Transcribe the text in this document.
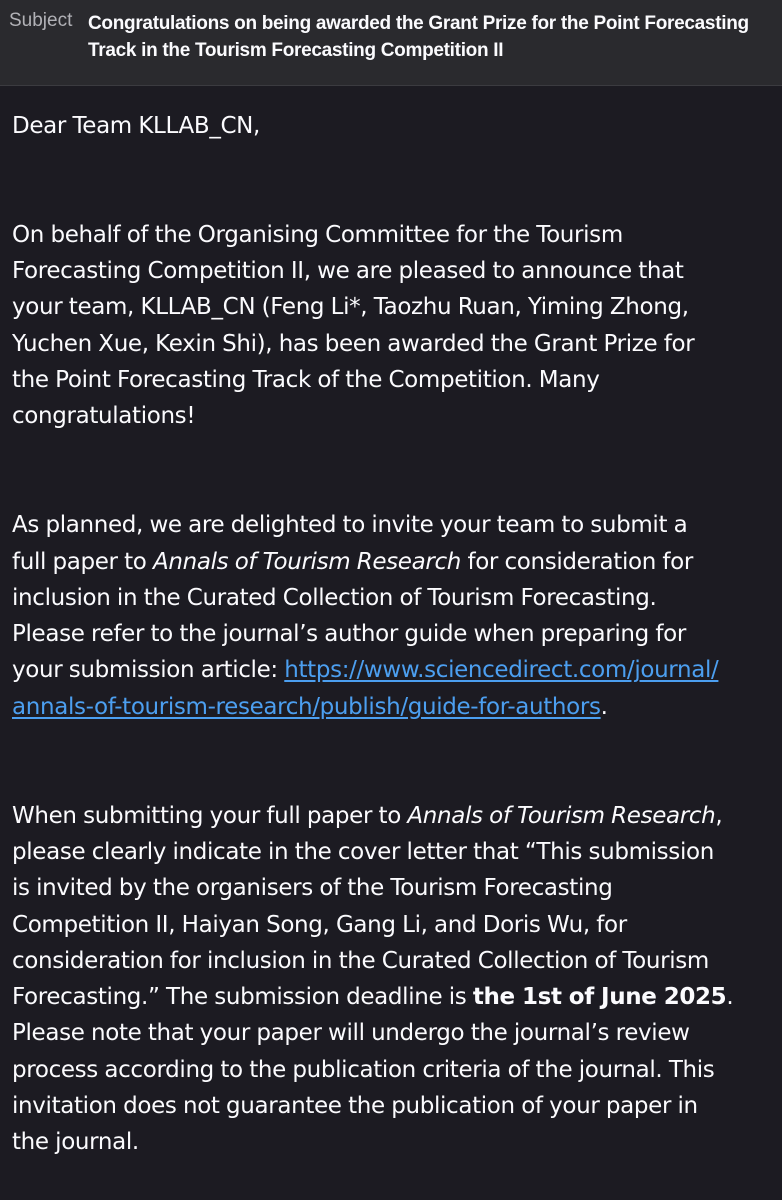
Subject Congratulations on being awarded the Grant Prize for the Point Forecasting Track in the Tourism Forecasting Competition II

Dear Team KLLAB_CN,

On behalf of the Organising Committee for the Tourism
Forecasting Competition II, we are pleased to announce that
your team, KLLAB_CN (Feng Li*, Taozhu Ruan, Yiming Zhong,
Yuchen Xue, Kexin Shi), has been awarded the Grant Prize for
the Point Forecasting Track of the Competition. Many
congratulations!

As planned, we are delighted to invite your team to submit a
full paper to Annals of Tourism Research for consideration for
inclusion in the Curated Collection of Tourism Forecasting.
Please refer to the journal’s author guide when preparing for
your submission article: https://www.sciencedirect.com/journal/
annals-of-tourism-research/publish/guide-for-authors.

When submitting your full paper to Annals of Tourism Research,
please clearly indicate in the cover letter that “This submission
is invited by the organisers of the Tourism Forecasting
Competition II, Haiyan Song, Gang Li, and Doris Wu, for
consideration for inclusion in the Curated Collection of Tourism
Forecasting.” The submission deadline is the 1st of June 2025.
Please note that your paper will undergo the journal’s review
process according to the publication criteria of the journal. This
invitation does not guarantee the publication of your paper in
the journal.
